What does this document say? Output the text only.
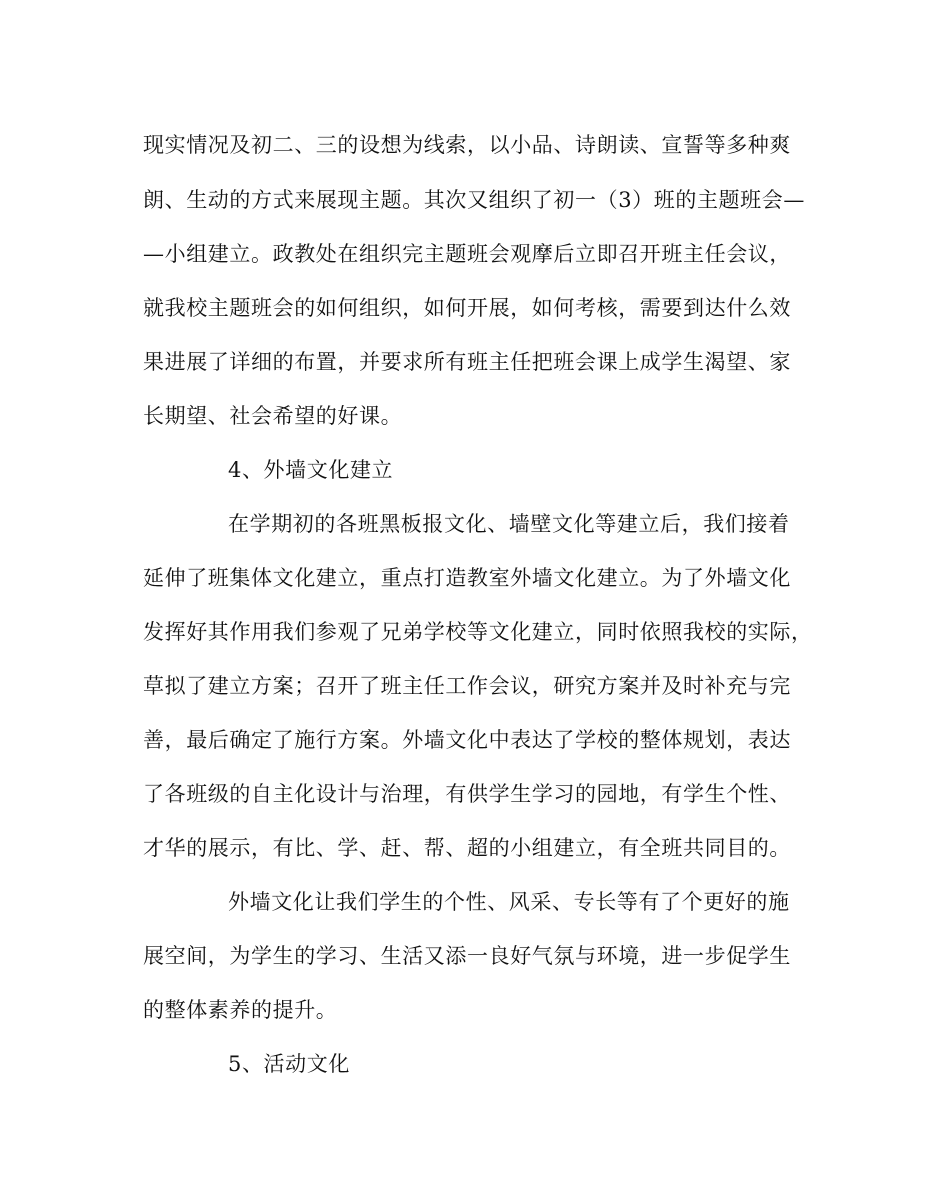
现实情况及初二、三的设想为线索，以小品、诗朗读、宣誓等多种爽

朗、生动的方式来展现主题。其次又组织了初一（3）班的主题班会—

—小组建立。政教处在组织完主题班会观摩后立即召开班主任会议，

就我校主题班会的如何组织，如何开展，如何考核，需要到达什么效

果进展了详细的布置，并要求所有班主任把班会课上成学生渴望、家

长期望、社会希望的好课。

4、外墙文化建立

在学期初的各班黑板报文化、墙壁文化等建立后，我们接着

延伸了班集体文化建立，重点打造教室外墙文化建立。为了外墙文化

发挥好其作用我们参观了兄弟学校等文化建立，同时依照我校的实际，

草拟了建立方案；召开了班主任工作会议，研究方案并及时补充与完

善，最后确定了施行方案。外墙文化中表达了学校的整体规划，表达

了各班级的自主化设计与治理，有供学生学习的园地，有学生个性、

才华的展示，有比、学、赶、帮、超的小组建立，有全班共同目的。

外墙文化让我们学生的个性、风采、专长等有了个更好的施

展空间，为学生的学习、生活又添一良好气氛与环境，进一步促学生

的整体素养的提升。

5、活动文化
